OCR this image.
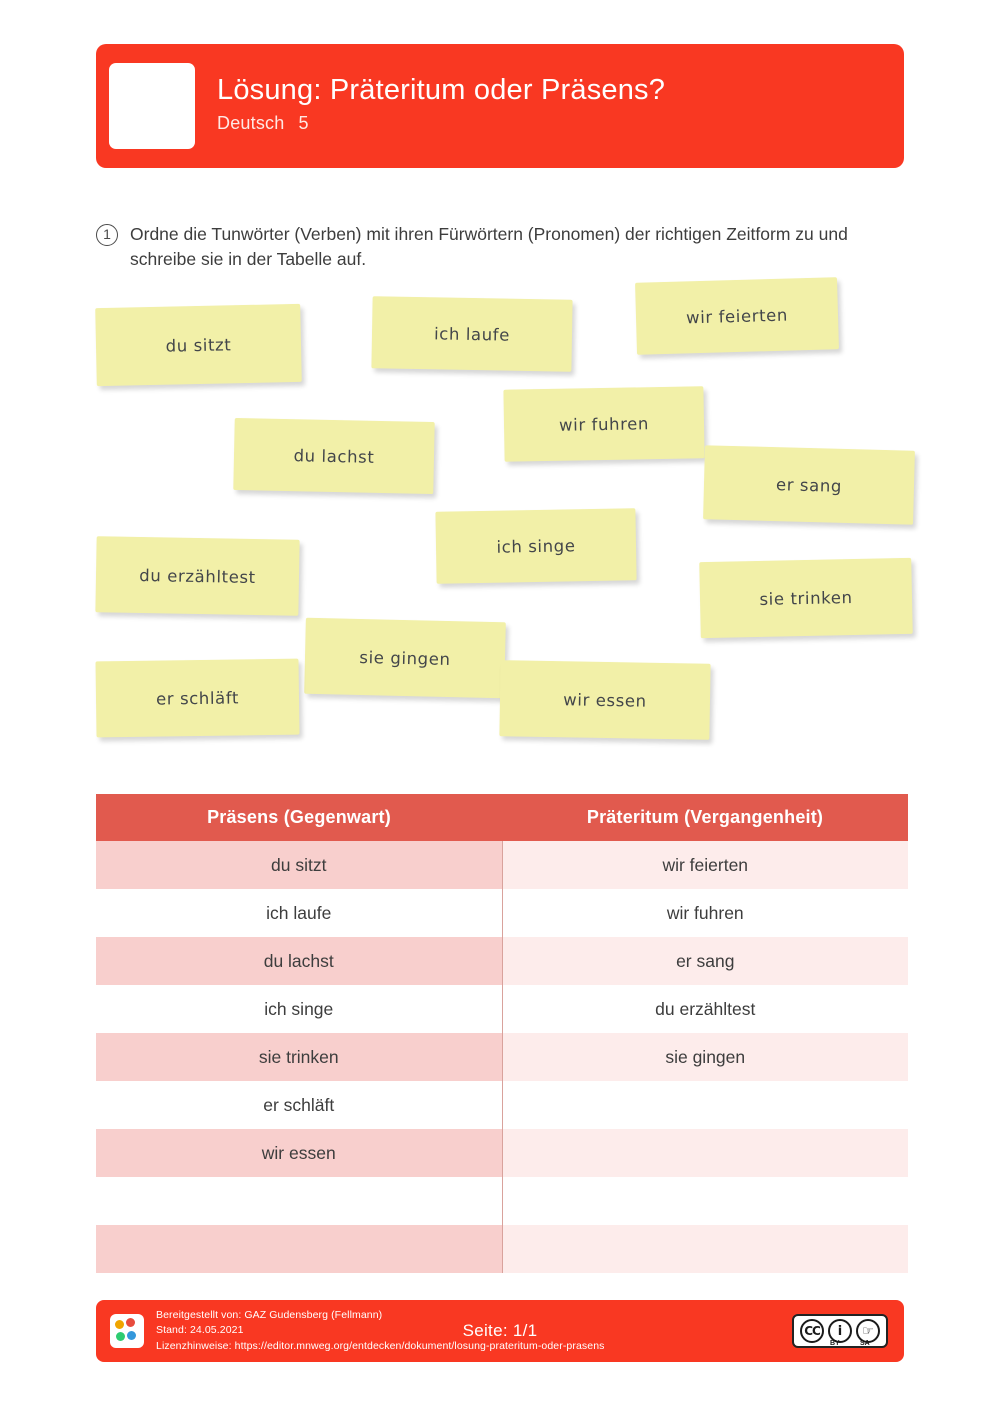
Lösung: Präteritum oder Präsens?
Deutsch 5
1	Ordne die Tunwörter (Verben) mit ihren Fürwörtern (Pronomen) der richtigen Zeitform zu und schreibe sie in der Tabelle auf.
du sitzt
ich laufe
wir feierten
du lachst
wir fuhren
er sang
ich singe
du erzähltest
sie trinken
sie gingen
er schläft	wir essen
Präsens (Gegenwart)	Präteritum (Vergangenheit)
du sitzt	wir feierten
ich laufe	wir fuhren
du lachst	er sang
ich singe	du erzähltest
sie trinken	sie gingen
er schläft	
wir essen	

Bereitgestellt von: GAZ Gudensberg (Fellmann)
Stand: 24.05.2021
Lizenzhinweise: https://editor.mnweg.org/entdecken/dokument/losung-prateritum-oder-prasens
Seite: 1/1	CC	i	☞
BY	SA
